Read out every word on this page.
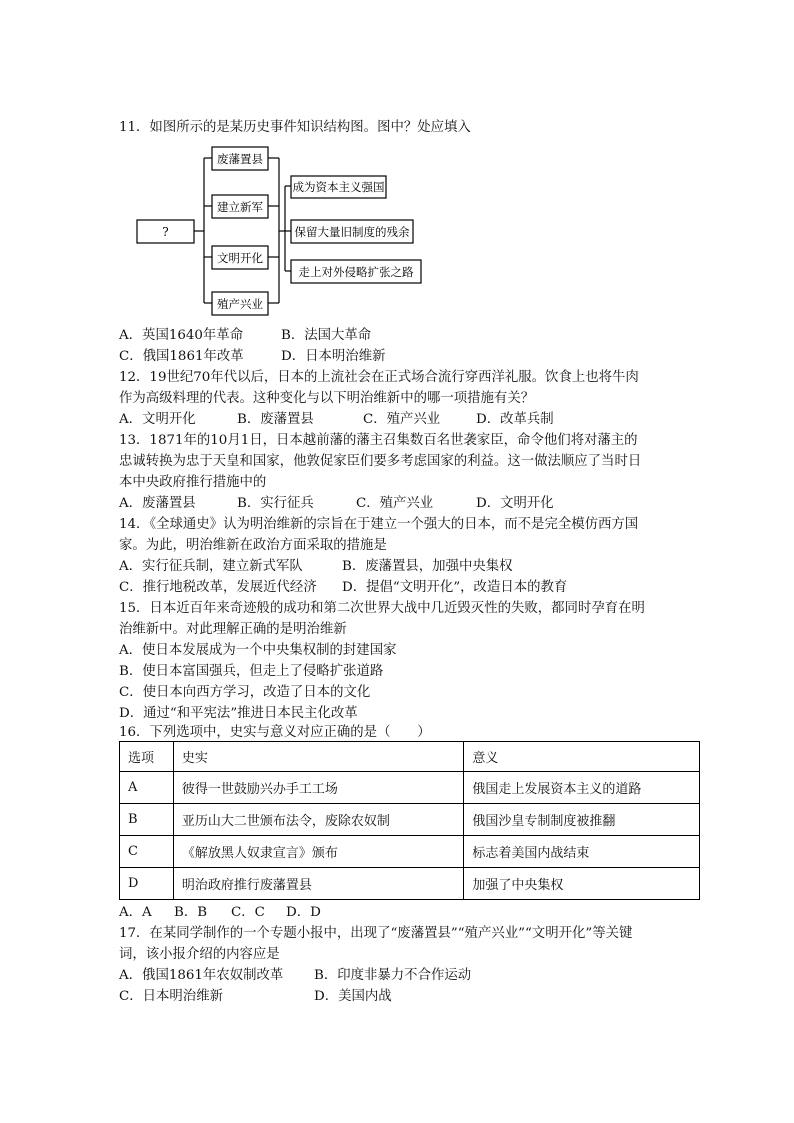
11．如图所示的是某历史事件知识结构图。图中？处应填入
?
废藩置县
建立新军
文明开化
殖产兴业
成为资本主义强国
保留大量旧制度的残余
走上对外侵略扩张之路
A．英国1640年革命	B．法国大革命
C．俄国1861年改革	D．日本明治维新
12．19世纪70年代以后，日本的上流社会在正式场合流行穿西洋礼服。饮食上也将牛肉
作为高级料理的代表。这种变化与以下明治维新中的哪一项措施有关？
A．文明开化	B．废藩置县	C．殖产兴业	D．改革兵制
13．1871年的10月1日，日本越前藩的藩主召集数百名世袭家臣，命令他们将对藩主的
忠诚转换为忠于天皇和国家，他敦促家臣们要多考虑国家的利益。这一做法顺应了当时日
本中央政府推行措施中的
A．废藩置县	B．实行征兵	C．殖产兴业	D．文明开化
14．《全球通史》认为明治维新的宗旨在于建立一个强大的日本，而不是完全模仿西方国
家。为此，明治维新在政治方面采取的措施是
A．实行征兵制，建立新式军队	B．废藩置县，加强中央集权
C．推行地税改革，发展近代经济 D．提倡“文明开化”，改造日本的教育
15．日本近百年来奇迹般的成功和第二次世界大战中几近毁灭性的失败，都同时孕育在明
治维新中。对此理解正确的是明治维新
A．使日本发展成为一个中央集权制的封建国家
B．使日本富国强兵，但走上了侵略扩张道路
C．使日本向西方学习，改造了日本的文化
D．通过“和平宪法”推进日本民主化改革
16．下列选项中，史实与意义对应正确的是（　　）
选项	史实	意义
A	彼得一世鼓励兴办手工工场	俄国走上发展资本主义的道路
B	亚历山大二世颁布法令，废除农奴制	俄国沙皇专制制度被推翻
C	《解放黑人奴隶宣言》颁布	标志着美国内战结束
D	明治政府推行废藩置县	加强了中央集权
A．A B．B C．C D．D
17．在某同学制作的一个专题小报中，出现了“废藩置县”“殖产兴业”“文明开化”等关键
词，该小报介绍的内容应是
A．俄国1861年农奴制改革 B．印度非暴力不合作运动
C．日本明治维新	D．美国内战
